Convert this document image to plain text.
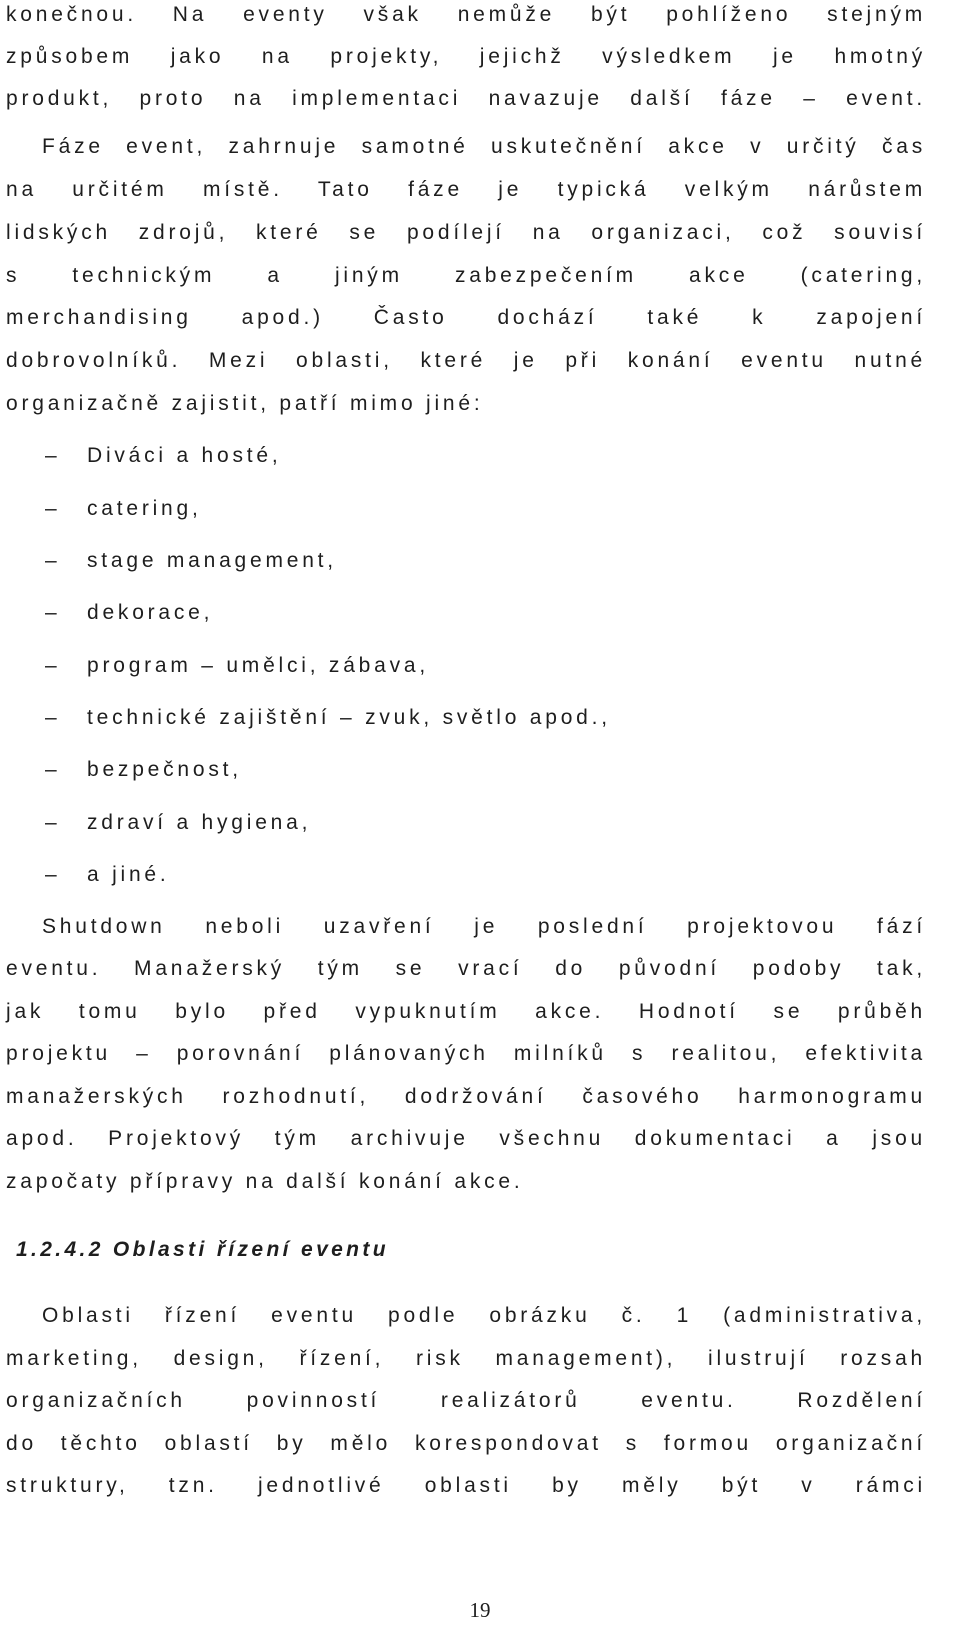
konečnou. Na eventy však nemůže být pohlíženo stejným

způsobem jako na projekty, jejichž výsledkem je hmotný

produkt, proto na implementaci navazuje další fáze – event.

Fáze event, zahrnuje samotné uskutečnění akce v určitý čas

na určitém místě. Tato fáze je typická velkým nárůstem

lidských zdrojů, které se podílejí na organizaci, což souvisí

s technickým a jiným zabezpečením akce (catering,

merchandising apod.) Často dochází také k zapojení

dobrovolníků. Mezi oblasti, které je při konání eventu nutné

organizačně zajistit, patří mimo jiné:

– Diváci a hosté,
– catering,
– stage management,
– dekorace,
– program – umělci, zábava,
– technické zajištění – zvuk, světlo apod.,
– bezpečnost,
– zdraví a hygiena,
– a jiné.

Shutdown neboli uzavření je poslední projektovou fází

eventu. Manažerský tým se vrací do původní podoby tak,

jak tomu bylo před vypuknutím akce. Hodnotí se průběh

projektu – porovnání plánovaných milníků s realitou, efektivita

manažerských rozhodnutí, dodržování časového harmonogramu

apod. Projektový tým archivuje všechnu dokumentaci a jsou

započaty přípravy na další konání akce.

1.2.4.2 Oblasti řízení eventu

Oblasti řízení eventu podle obrázku č. 1 (administrativa,

marketing, design, řízení, risk management), ilustrují rozsah

organizačních povinností realizátorů eventu. Rozdělení

do těchto oblastí by mělo korespondovat s formou organizační

struktury, tzn. jednotlivé oblasti by měly být v rámci

19
